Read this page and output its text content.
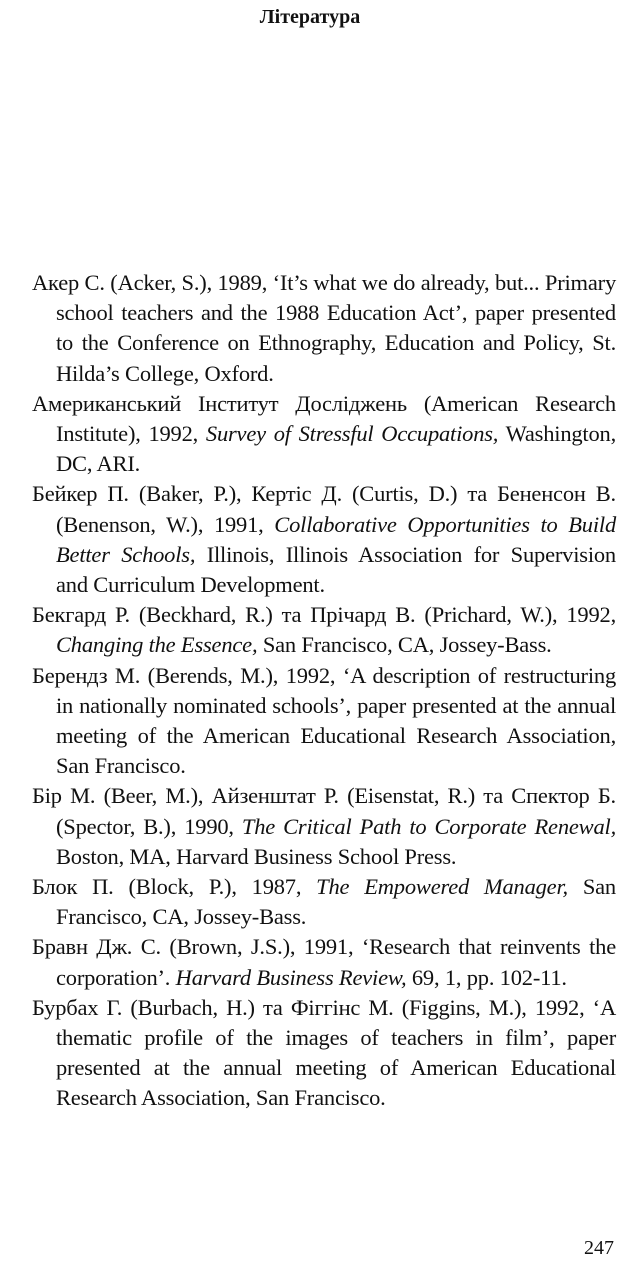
Література
Акер С. (Acker, S.), 1989, ‘It’s what we do already, but... Primary school teachers and the 1988 Education Act’, paper presented to the Conference on Ethnography, Education and Policy, St. Hilda’s College, Oxford.
Американський Інститут Досліджень (American Research Institute), 1992, Survey of Stressful Occupations, Washington, DC, ARI.
Бейкер П. (Baker, P.), Кертіс Д. (Curtis, D.) та Бененсон В. (Benenson, W.), 1991, Collaborative Opportunities to Build Better Schools, Illinois, Illinois Association for Supervision and Curriculum Development.
Бекгард Р. (Beckhard, R.) та Прічард В. (Prichard, W.), 1992, Changing the Essence, San Francisco, CA, Jossey-Bass.
Берендз М. (Berends, M.), 1992, ‘A description of restructuring in nationally nominated schools’, paper presented at the annual meeting of the American Educational Research Association, San Francisco.
Бір М. (Beer, M.), Айзенштат Р. (Eisenstat, R.) та Спектор Б. (Spector, B.), 1990, The Critical Path to Corporate Renewal, Boston, MA, Harvard Business School Press.
Блок П. (Block, P.), 1987, The Empowered Manager, San Francisco, CA, Jossey-Bass.
Бравн Дж. С. (Brown, J.S.), 1991, ‘Research that reinvents the corporation’. Harvard Business Review, 69, 1, pp. 102-11.
Бурбах Г. (Burbach, H.) та Фіггінс М. (Figgins, M.), 1992, ‘A thematic profile of the images of teachers in film’, paper presented at the annual meeting of American Educational Research Association, San Francisco.
247
